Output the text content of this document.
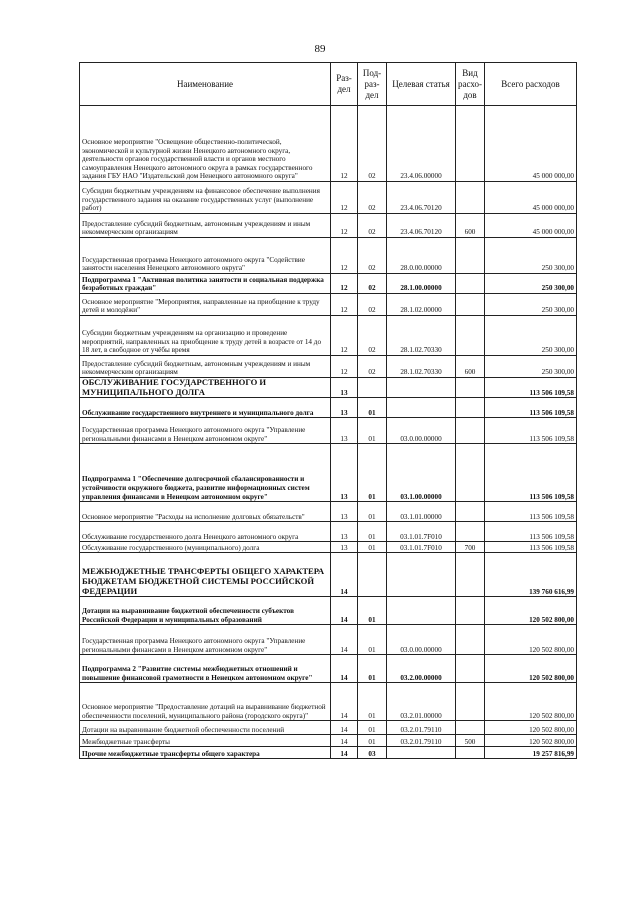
89
Наименование	Раз-дел	Под-раз-дел	Целевая статья	Вид расхо-дов	Всего расходов
Основное мероприятие "Освещение общественно-политической, экономической и культурной жизни Ненецкого автономного округа, деятельности органов государственной власти и органов местного самоуправления Ненецкого автономного округа в рамках государственного задания ГБУ НАО "Издательский дом Ненецкого автономного округа"	12	02	23.4.06.00000		45 000 000,00
Субсидии бюджетным учреждениям на финансовое обеспечение выполнения государственного задания на оказание государственных услуг (выполнение работ)	12	02	23.4.06.70120		45 000 000,00
Предоставление субсидий бюджетным, автономным учреждениям и иным некоммерческим организациям	12	02	23.4.06.70120	600	45 000 000,00
Государственная программа Ненецкого автономного округа "Содействие занятости населения Ненецкого автономного округа"	12	02	28.0.00.00000		250 300,00
Подпрограмма 1 "Активная политика занятости и социальная поддержка безработных граждан"	12	02	28.1.00.00000		250 300,00
Основное мероприятие "Мероприятия, направленные на приобщение к труду детей и молодёжи"	12	02	28.1.02.00000		250 300,00
Субсидии бюджетным учреждениям на организацию и проведение мероприятий, направленных на приобщение к труду детей в возрасте от 14 до 18 лет, в свободное от учёбы время	12	02	28.1.02.70330		250 300,00
Предоставление субсидий бюджетным, автономным учреждениям и иным некоммерческим организациям	12	02	28.1.02.70330	600	250 300,00
ОБСЛУЖИВАНИЕ ГОСУДАРСТВЕННОГО И МУНИЦИПАЛЬНОГО ДОЛГА	13				113 506 109,58
Обслуживание государственного внутреннего и муниципального долга	13	01			113 506 109,58
Государственная программа Ненецкого автономного округа "Управление региональными финансами в Ненецком автономном округе"	13	01	03.0.00.00000		113 506 109,58
Подпрограмма 1 "Обеспечение долгосрочной сбалансированности и устойчивости окружного бюджета, развитие информационных систем управления финансами в Ненецком автономном округе"	13	01	03.1.00.00000		113 506 109,58
Основное мероприятие "Расходы на исполнение долговых обязательств"	13	01	03.1.01.00000		113 506 109,58
Обслуживание государственного долга Ненецкого автономного округа	13	01	03.1.01.7F010		113 506 109,58
Обслуживание государственного (муниципального) долга	13	01	03.1.01.7F010	700	113 506 109,58
МЕЖБЮДЖЕТНЫЕ ТРАНСФЕРТЫ ОБЩЕГО ХАРАКТЕРА БЮДЖЕТАМ БЮДЖЕТНОЙ СИСТЕМЫ РОССИЙСКОЙ ФЕДЕРАЦИИ	14				139 760 616,99
Дотации на выравнивание бюджетной обеспеченности субъектов Российской Федерации и муниципальных образований	14	01			120 502 800,00
Государственная программа Ненецкого автономного округа "Управление региональными финансами в Ненецком автономном округе"	14	01	03.0.00.00000		120 502 800,00
Подпрограмма 2 "Развитие системы межбюджетных отношений и повышение финансовой грамотности в Ненецком автономном округе"	14	01	03.2.00.00000		120 502 800,00
Основное мероприятие "Предоставление дотаций на выравнивание бюджетной обеспеченности поселений, муниципального района (городского округа)"	14	01	03.2.01.00000		120 502 800,00
Дотации на выравнивание бюджетной обеспеченности поселений	14	01	03.2.01.79110		120 502 800,00
Межбюджетные трансферты	14	01	03.2.01.79110	500	120 502 800,00
Прочие межбюджетные трансферты общего характера	14	03			19 257 816,99
